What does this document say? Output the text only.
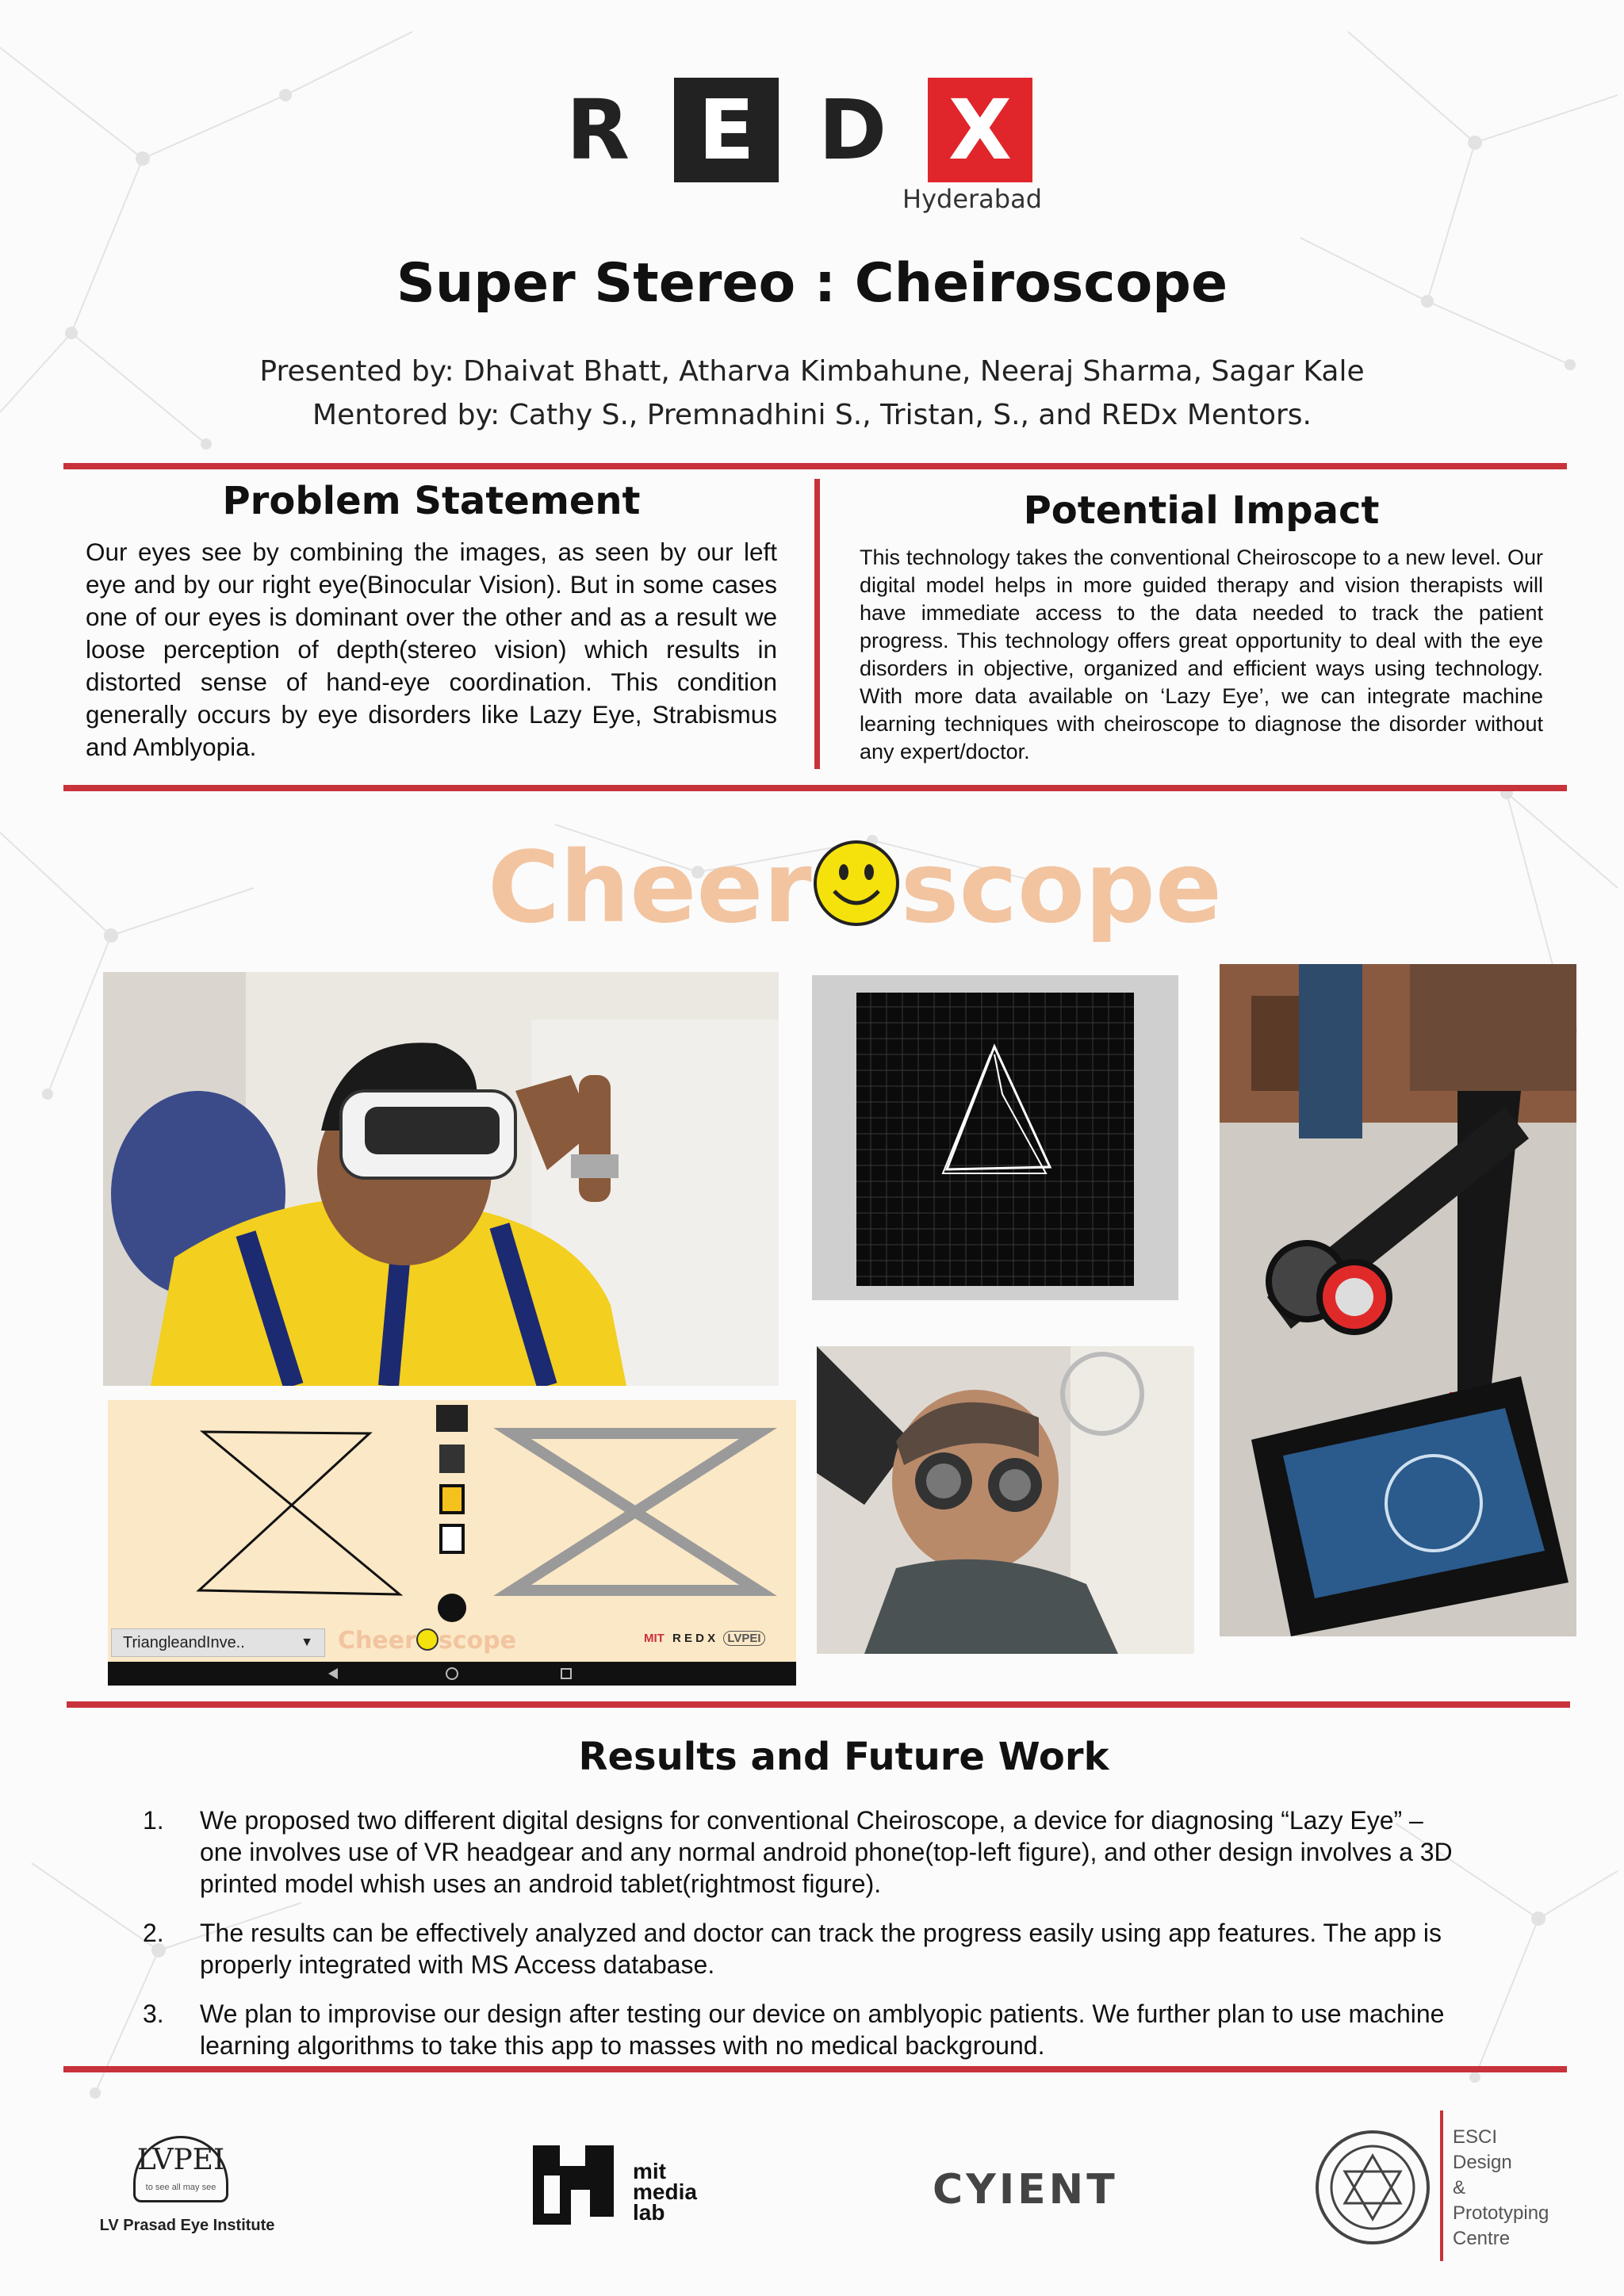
R E D X
Hyderabad
Super Stereo : Cheiroscope
Presented by: Dhaivat Bhatt, Atharva Kimbahune, Neeraj Sharma, Sagar Kale
Mentored by: Cathy S., Premnadhini S., Tristan, S., and REDx Mentors.
Problem Statement
Our eyes see by combining the images, as seen by our left eye and by our right eye(Binocular Vision). But in some cases one of our eyes is dominant over the other and as a result we loose perception of depth(stereo vision) which results in distorted sense of hand-eye coordination. This condition generally occurs by eye disorders like Lazy Eye, Strabismus and Amblyopia.
Potential Impact
This technology takes the conventional Cheiroscope to a new level. Our digital model helps in more guided therapy and vision therapists will have immediate access to the data needed to track the patient progress. This technology offers great opportunity to deal with the eye disorders in objective, organized and efficient ways using technology. With more data available on ‘Lazy Eye’, we can integrate machine learning techniques with cheiroscope to diagnose the disorder without any expert/doctor.
Cheer scope
TriangleandInve..	▼ Cheer scope	MIT R E D X LVPEI
Results and Future Work
1. We proposed two different digital designs for conventional Cheiroscope, a device for diagnosing “Lazy Eye” – one involves use of VR headgear and any normal android phone(top-left figure), and other design involves a 3D printed model whish uses an android tablet(rightmost figure).
2. The results can be effectively analyzed and doctor can track the progress easily using app features. The app is properly integrated with MS Access database.
3. We plan to improvise our design after testing our device on amblyopic patients. We further plan to use machine learning algorithms to take this app to masses with no medical background.
LVPEI
to see all may see
LV Prasad Eye Institute
mit
media
lab	CYIENT
ESCI
Design
&
Prototyping
Centre
